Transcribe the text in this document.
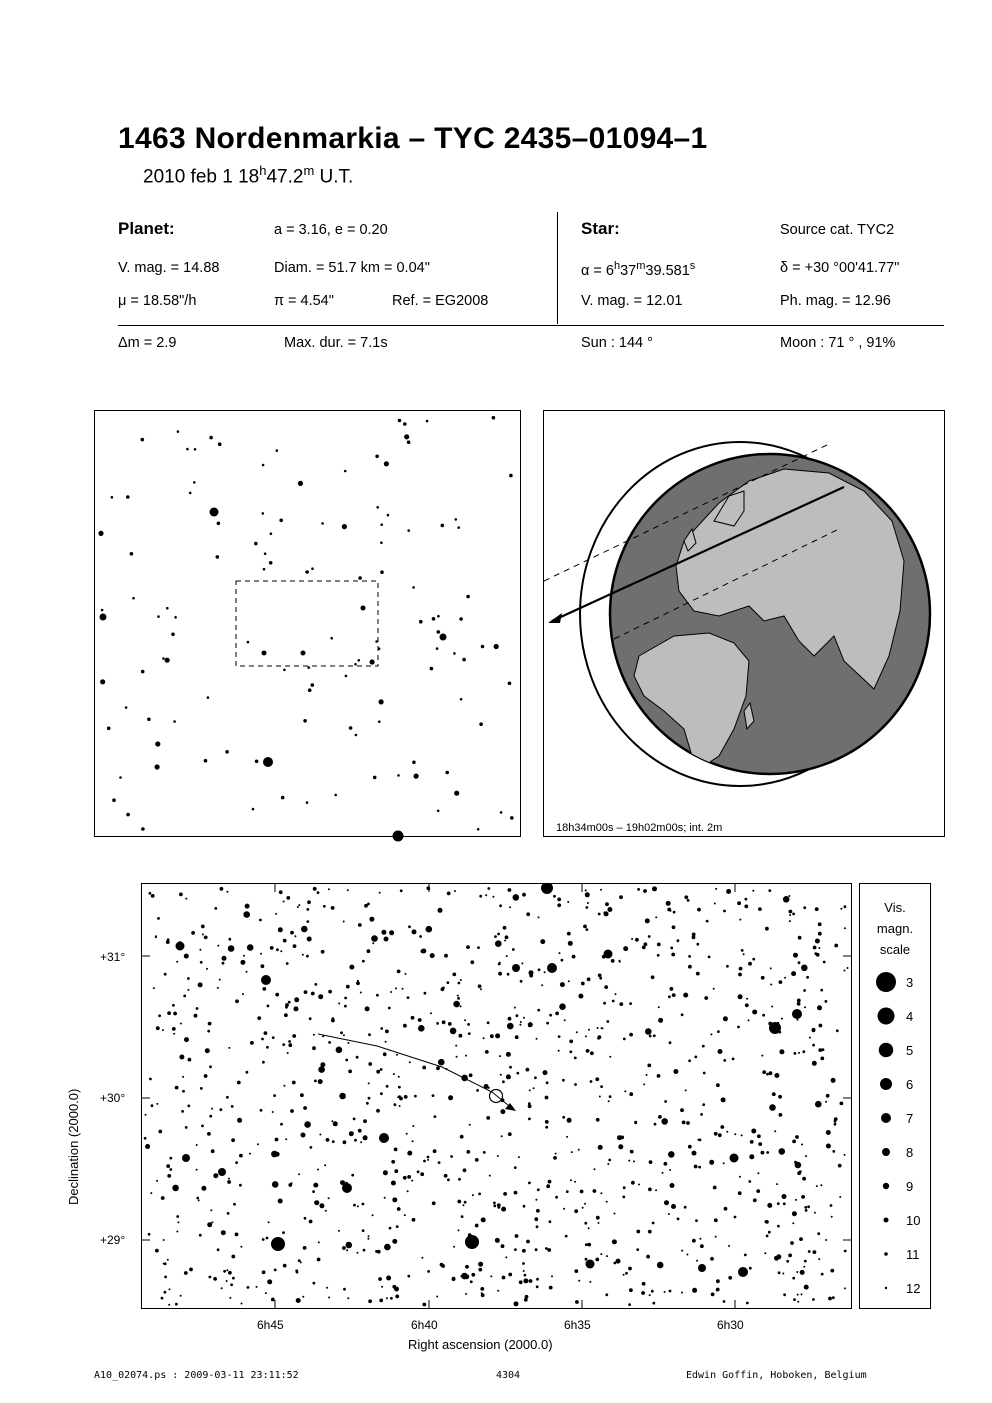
1463 Nordenmarkia – TYC 2435–01094–1
2010 feb 1 18$^h$47.2$^m$ U.T.
Planet:	a = 3.16, e = 0.20
V. mag. = 14.88	Diam. = 51.7 km = 0.04"
μ = 18.58"/h	π = 4.54"	Ref. = EG2008
Star:	Source cat. TYC2
$\alpha = 6^h37^m39.581^s$	δ = +30 °00'41.77"
V. mag. = 12.01	Ph. mag. = 12.96
Δm = 2.9	Max. dur. = 7.1s	Sun : 144 °	Moon : 71 ° , 91%
18h34m00s – 19h02m00s; int. 2m
Declination (2000.0)
+31°
+30°
+29°
6h45	6h40	6h35	6h30
Right ascension (2000.0)
Vis.
magn.
scale
3
4
5
6
7
8
9
10
11
12
A10_02074.ps : 2009-03-11 23:11:52	4304	Edwin Goffin, Hoboken, Belgium
